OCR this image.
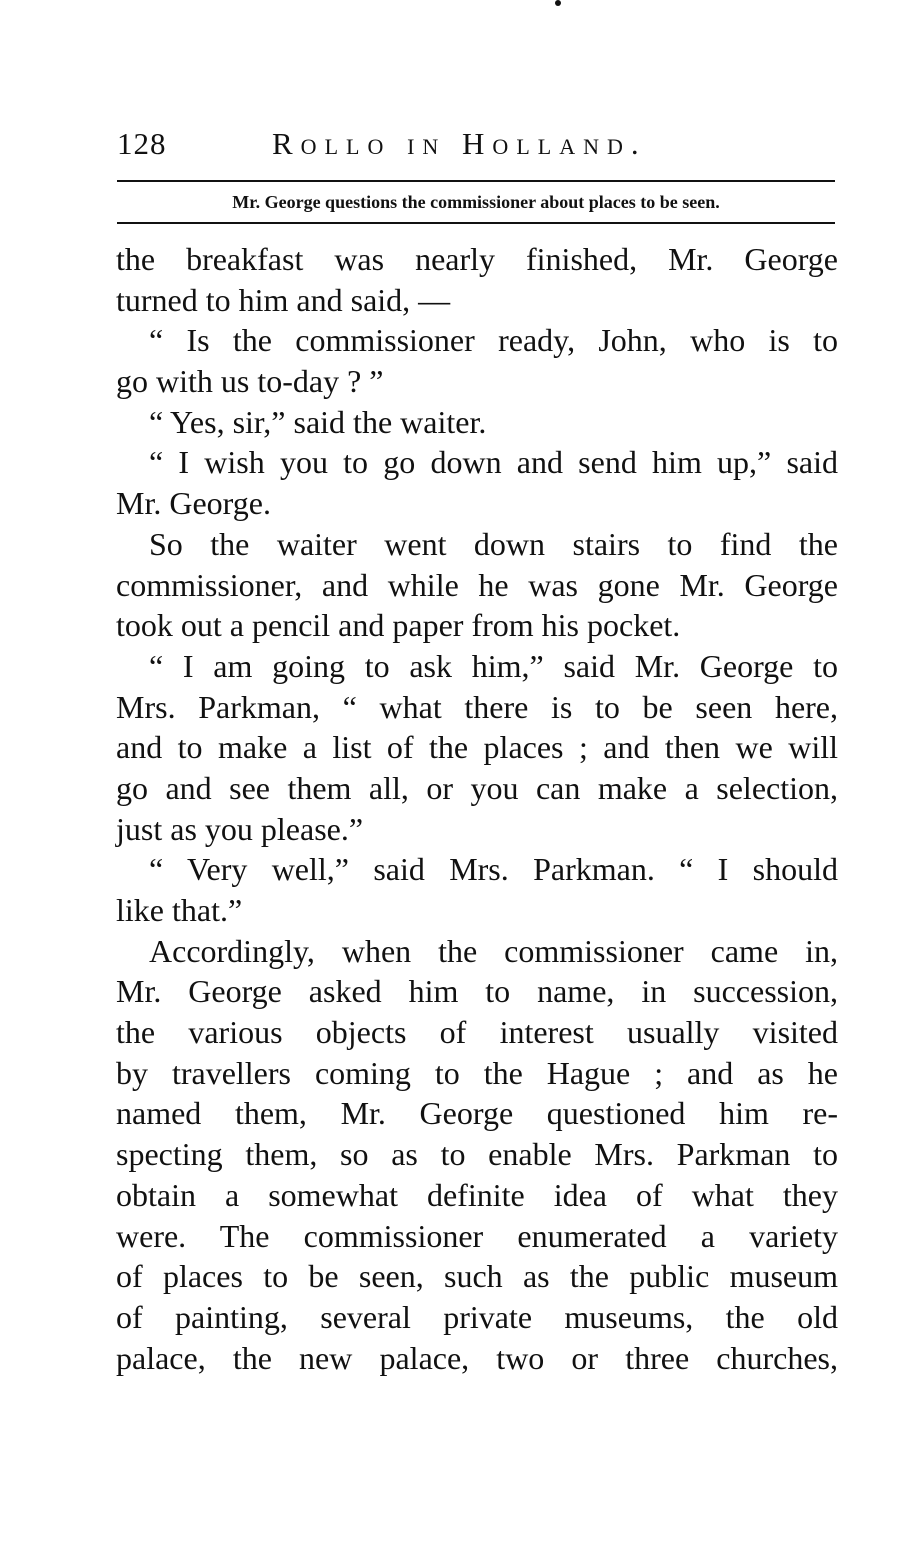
128	Rollo in Holland.
Mr. George questions the commissioner about places to be seen.
the breakfast was nearly finished, Mr. George
turned to him and said, —
“ Is the commissioner ready, John, who is to
go with us to-day ? ”
“ Yes, sir,” said the waiter.
“ I wish you to go down and send him up,” said
Mr. George.
So the waiter went down stairs to find the
commissioner, and while he was gone Mr. George
took out a pencil and paper from his pocket.
“ I am going to ask him,” said Mr. George to
Mrs. Parkman, “ what there is to be seen here,
and to make a list of the places ; and then we will
go and see them all, or you can make a selection,
just as you please.”
“ Very well,” said Mrs. Parkman. “ I should
like that.”
Accordingly, when the commissioner came in,
Mr. George asked him to name, in succession,
the various objects of interest usually visited
by travellers coming to the Hague ; and as he
named them, Mr. George questioned him re-
specting them, so as to enable Mrs. Parkman to
obtain a somewhat definite idea of what they
were. The commissioner enumerated a variety
of places to be seen, such as the public museum
of painting, several private museums, the old
palace, the new palace, two or three churches,
